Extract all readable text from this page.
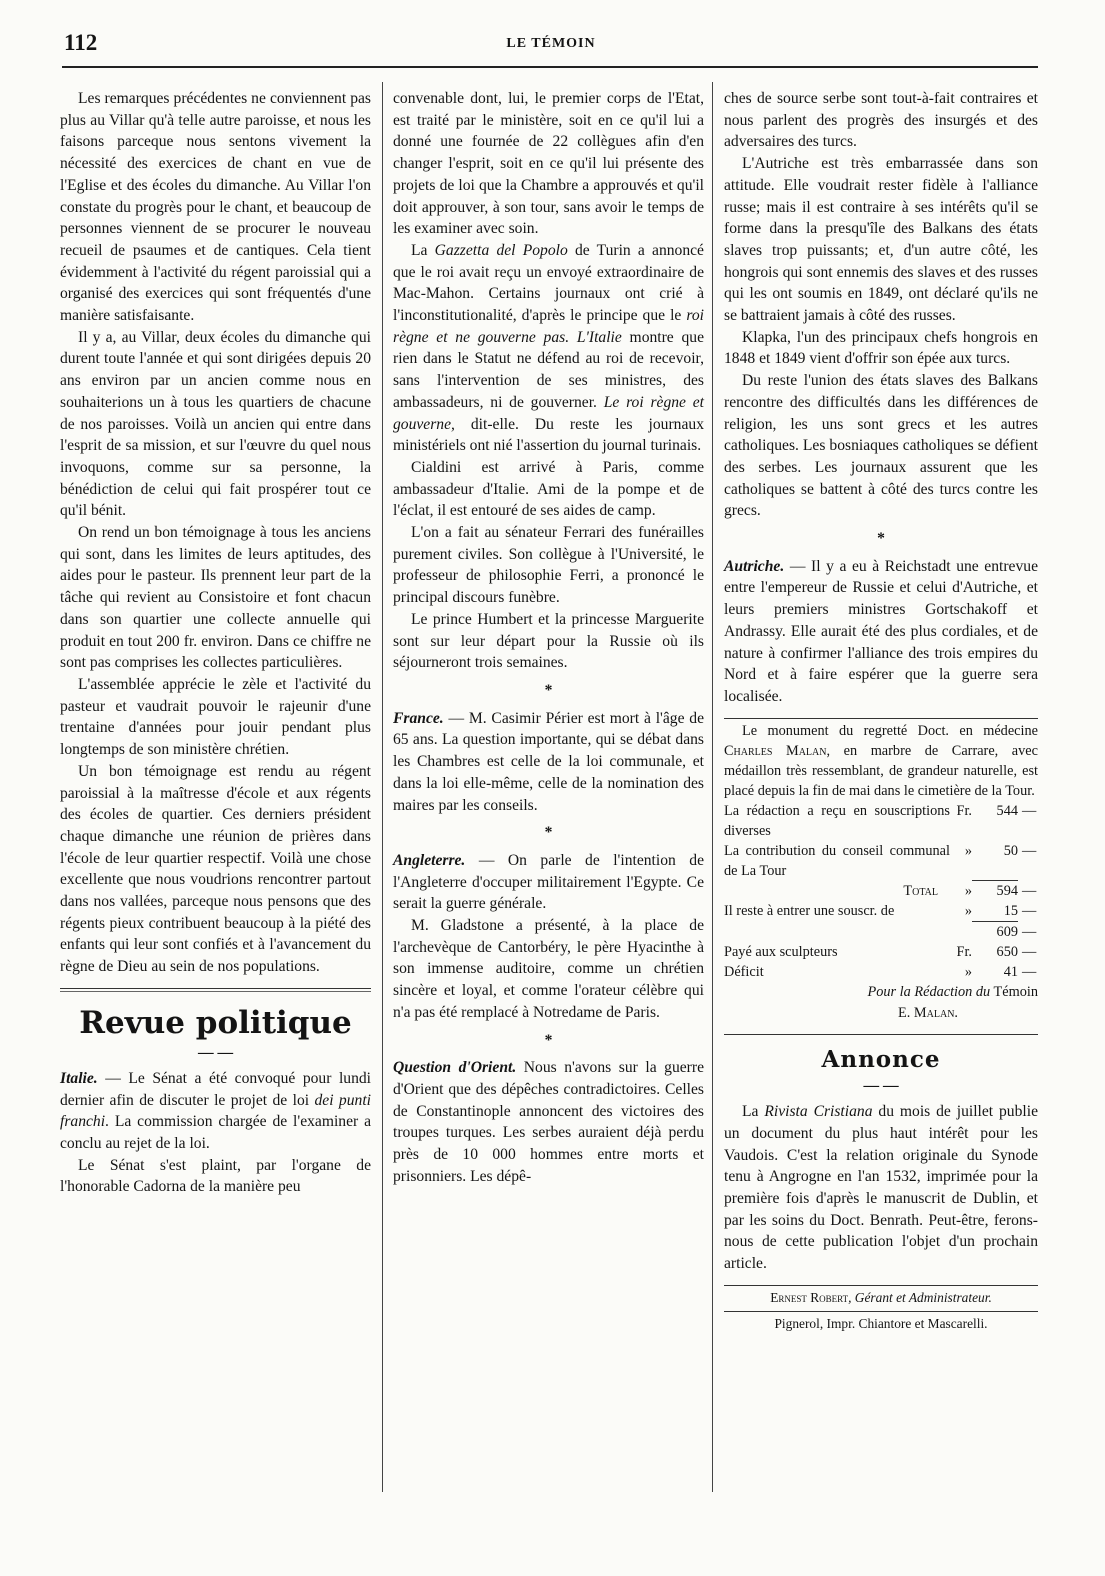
112	LE TÉMOIN

Les remarques précédentes ne conviennent pas plus au Villar qu'à telle autre paroisse, et nous les faisons parceque nous sentons vivement la nécessité des exercices de chant en vue de l'Eglise et des écoles du dimanche. Au Villar l'on constate du progrès pour le chant, et beaucoup de personnes viennent de se procurer le nouveau recueil de psaumes et de cantiques. Cela tient évidemment à l'activité du régent paroissial qui a organisé des exercices qui sont fréquentés d'une manière satisfaisante.

Il y a, au Villar, deux écoles du dimanche qui durent toute l'année et qui sont dirigées depuis 20 ans environ par un ancien comme nous en souhaiterions un à tous les quartiers de chacune de nos paroisses. Voilà un ancien qui entre dans l'esprit de sa mission, et sur l'œuvre du quel nous invoquons, comme sur sa personne, la bénédiction de celui qui fait prospérer tout ce qu'il bénit.

On rend un bon témoignage à tous les anciens qui sont, dans les limites de leurs aptitudes, des aides pour le pasteur. Ils prennent leur part de la tâche qui revient au Consistoire et font chacun dans son quartier une collecte annuelle qui produit en tout 200 fr. environ. Dans ce chiffre ne sont pas comprises les collectes particulières.

L'assemblée apprécie le zèle et l'activité du pasteur et vaudrait pouvoir le rajeunir d'une trentaine d'années pour jouir pendant plus longtemps de son ministère chrétien.

Un bon témoignage est rendu au régent paroissial à la maîtresse d'école et aux régents des écoles de quartier. Ces derniers président chaque dimanche une réunion de prières dans l'école de leur quartier respectif. Voilà une chose excellente que nous voudrions rencontrer partout dans nos vallées, parceque nous pensons que des régents pieux contribuent beaucoup à la piété des enfants qui leur sont confiés et à l'avancement du règne de Dieu au sein de nos populations.

Revue politique
— —

Italie. — Le Sénat a été convoqué pour lundi dernier afin de discuter le projet de loi dei punti franchi. La commission chargée de l'examiner a conclu au rejet de la loi.

Le Sénat s'est plaint, par l'organe de l'honorable Cadorna de la manière peu

convenable dont, lui, le premier corps de l'Etat, est traité par le ministère, soit en ce qu'il lui a donné une fournée de 22 collègues afin d'en changer l'esprit, soit en ce qu'il lui présente des projets de loi que la Chambre a approuvés et qu'il doit approuver, à son tour, sans avoir le temps de les examiner avec soin.

La Gazzetta del Popolo de Turin a annoncé que le roi avait reçu un envoyé extraordinaire de Mac-Mahon. Certains journaux ont crié à l'inconstitutionalité, d'après le principe que le roi règne et ne gouverne pas. L'Italie montre que rien dans le Statut ne défend au roi de recevoir, sans l'intervention de ses ministres, des ambassadeurs, ni de gouverner. Le roi règne et gouverne, dit-elle. Du reste les journaux ministériels ont nié l'assertion du journal turinais.

Cialdini est arrivé à Paris, comme ambassadeur d'Italie. Ami de la pompe et de l'éclat, il est entouré de ses aides de camp.

L'on a fait au sénateur Ferrari des funérailles purement civiles. Son collègue à l'Université, le professeur de philosophie Ferri, a prononcé le principal discours funèbre.

Le prince Humbert et la princesse Marguerite sont sur leur départ pour la Russie où ils séjourneront trois semaines.

*

France. — M. Casimir Périer est mort à l'âge de 65 ans. La question importante, qui se débat dans les Chambres est celle de la loi communale, et dans la loi elle-même, celle de la nomination des maires par les conseils.

*

Angleterre. — On parle de l'intention de l'Angleterre d'occuper militairement l'Egypte. Ce serait la guerre générale.

M. Gladstone a présenté, à la place de l'archevèque de Cantorbéry, le père Hyacinthe à son immense auditoire, comme un chrétien sincère et loyal, et comme l'orateur célèbre qui n'a pas été remplacé à Notredame de Paris.

*

Question d'Orient. Nous n'avons sur la guerre d'Orient que des dépêches contradictoires. Celles de Constantinople annoncent des victoires des troupes turques. Les serbes auraient déjà perdu près de 10 000 hommes entre morts et prisonniers. Les dépê-

ches de source serbe sont tout-à-fait contraires et nous parlent des progrès des insurgés et des adversaires des turcs.

L'Autriche est très embarrassée dans son attitude. Elle voudrait rester fidèle à l'alliance russe; mais il est contraire à ses intérêts qu'il se forme dans la presqu'île des Balkans des états slaves trop puissants; et, d'un autre côté, les hongrois qui sont ennemis des slaves et des russes qui les ont soumis en 1849, ont déclaré qu'ils ne se battraient jamais à côté des russes.

Klapka, l'un des principaux chefs hongrois en 1848 et 1849 vient d'offrir son épée aux turcs.

Du reste l'union des états slaves des Balkans rencontre des difficultés dans les différences de religion, les uns sont grecs et les autres catholiques. Les bosniaques catholiques se défient des serbes. Les journaux assurent que les catholiques se battent à côté des turcs contre les grecs.

*

Autriche. — Il y a eu à Reichstadt une entrevue entre l'empereur de Russie et celui d'Autriche, et leurs premiers ministres Gortschakoff et Andrassy. Elle aurait été des plus cordiales, et de nature à confirmer l'alliance des trois empires du Nord et à faire espérer que la guerre sera localisée.

Le monument du regretté Doct. en médecine Charles Malan, en marbre de Carrare, avec médaillon très ressemblant, de grandeur naturelle, est placé depuis la fin de mai dans le cimetière de la Tour.

La rédaction a reçu en souscriptions diverses	Fr.	544	—
La contribution du conseil communal de La Tour	»	50	—
Total	»	594	—
Il reste à entrer une souscr. de	»	15	—
		609	—
Payé aux sculpteurs	Fr.	650	—
Déficit	»	41	—
Pour la Rédaction du Témoin
E. Malan.
Annonce
— —

La Rivista Cristiana du mois de juillet publie un document du plus haut intérêt pour les Vaudois. C'est la relation originale du Synode tenu à Angrogne en l'an 1532, imprimée pour la première fois d'après le manuscrit de Dublin, et par les soins du Doct. Benrath. Peut-être, ferons-nous de cette publication l'objet d'un prochain article.

Ernest Robert, Gérant et Administrateur.
Pignerol, Impr. Chiantore et Mascarelli.
